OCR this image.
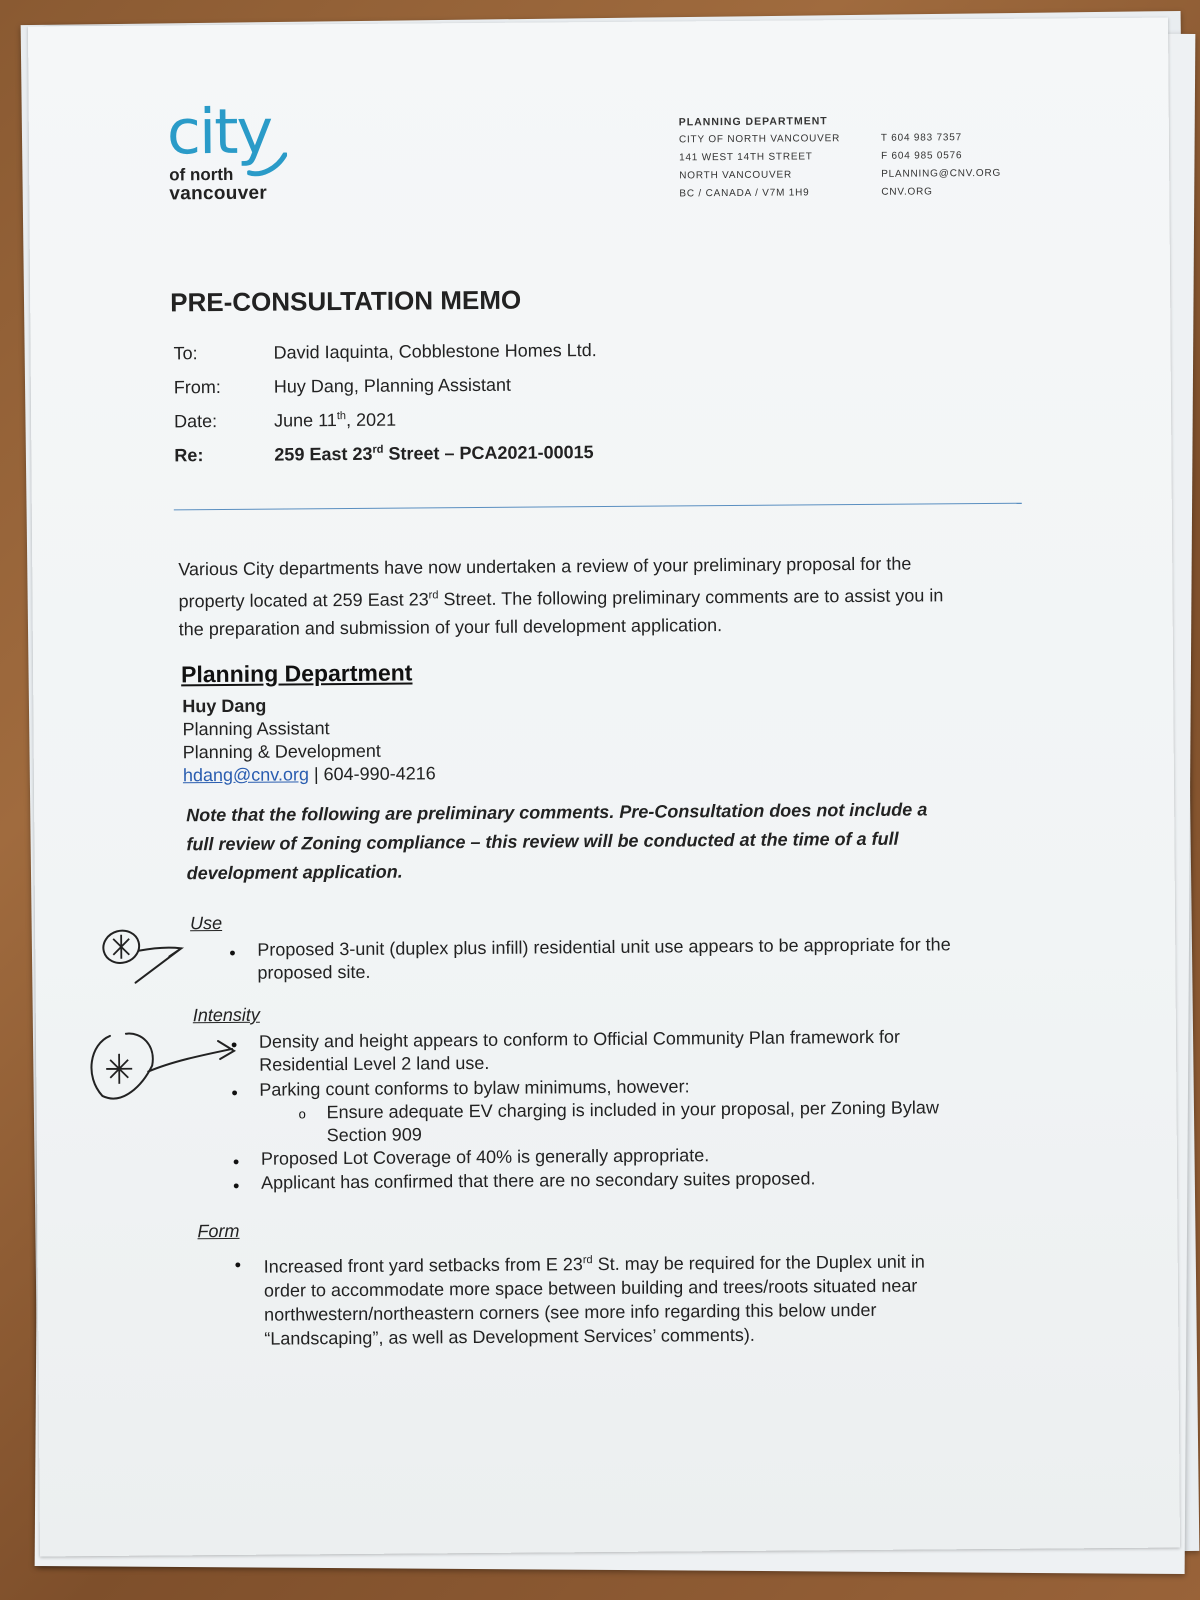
city
of north
vancouver
PLANNING DEPARTMENT
CITY OF NORTH VANCOUVER
141 WEST 14TH STREET
NORTH VANCOUVER
BC / CANADA / V7M 1H9
T 604 983 7357
F 604 985 0576
PLANNING@CNV.ORG
CNV.ORG
PRE-CONSULTATION MEMO
To:	David Iaquinta, Cobblestone Homes Ltd.
From:	Huy Dang, Planning Assistant
Date:	June 11th, 2021
Re:	259 East 23rd Street – PCA2021-00015
Various City departments have now undertaken a review of your preliminary proposal for the
property located at 259 East 23rd Street. The following preliminary comments are to assist you in
the preparation and submission of your full development application.
Planning Department
Huy Dang
Planning Assistant
Planning & Development
hdang@cnv.org | 604-990-4216
Note that the following are preliminary comments. Pre-Consultation does not include a
full review of Zoning compliance – this review will be conducted at the time of a full
development application.
Use
• Proposed 3-unit (duplex plus infill) residential unit use appears to be appropriate for the
proposed site.
Intensity
• Density and height appears to conform to Official Community Plan framework for
Residential Level 2 land use.
• Parking count conforms to bylaw minimums, however:
o Ensure adequate EV charging is included in your proposal, per Zoning Bylaw
Section 909
• Proposed Lot Coverage of 40% is generally appropriate.
• Applicant has confirmed that there are no secondary suites proposed.
Form
• Increased front yard setbacks from E 23rd St. may be required for the Duplex unit in
order to accommodate more space between building and trees/roots situated near
northwestern/northeastern corners (see more info regarding this below under
“Landscaping”, as well as Development Services’ comments).
